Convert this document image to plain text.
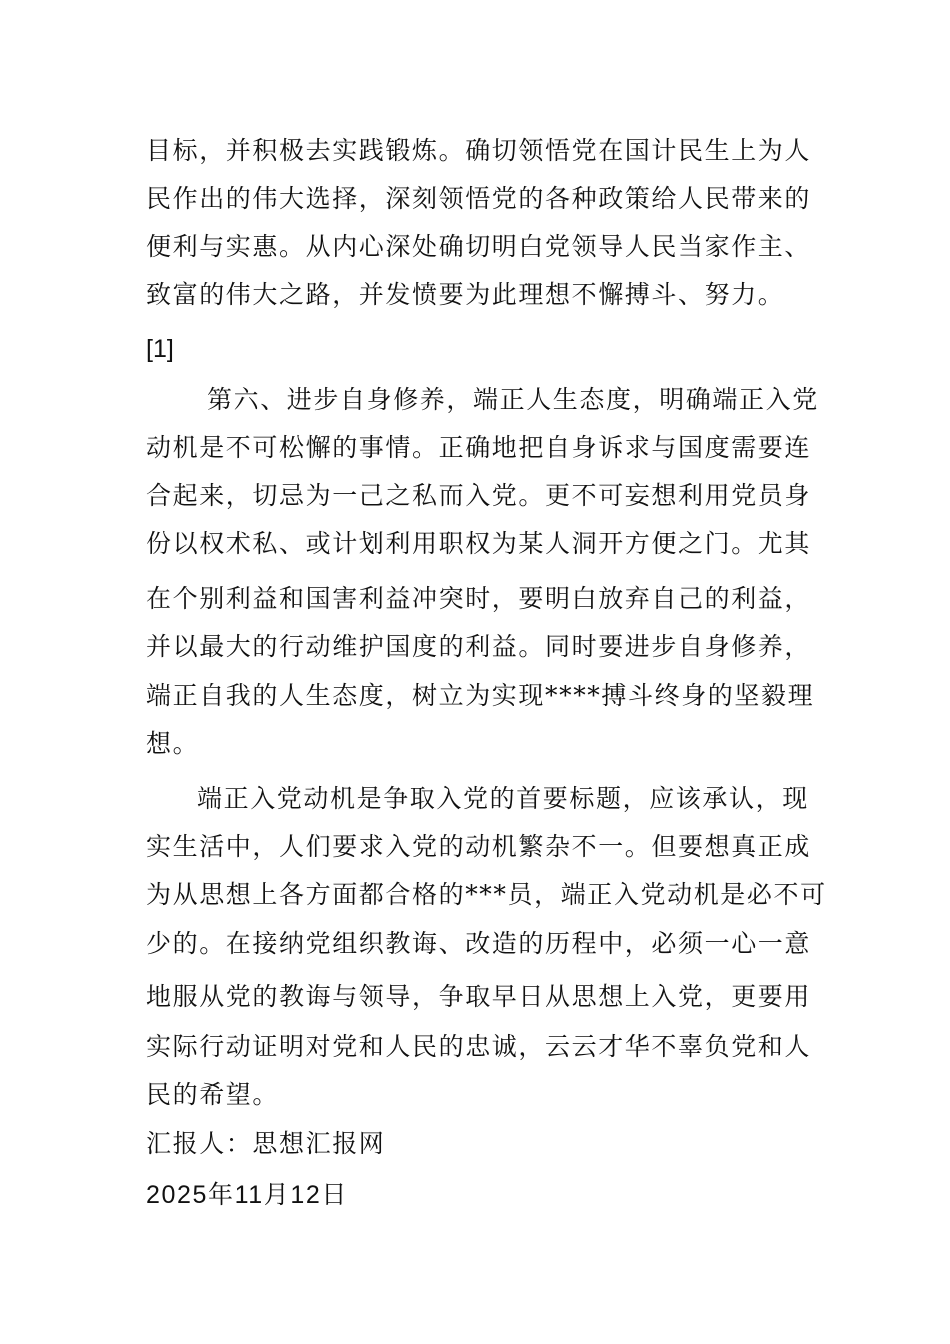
目标，并积极去实践锻炼。确切领悟党在国计民生上为人
民作出的伟大选择，深刻领悟党的各种政策给人民带来的
便利与实惠。从内心深处确切明白党领导人民当家作主、
致富的伟大之路，并发愤要为此理想不懈搏斗、努力。
[1]
第六、进步自身修养，端正人生态度，明确端正入党
动机是不可松懈的事情。正确地把自身诉求与国度需要连
合起来，切忌为一己之私而入党。更不可妄想利用党员身
份以权术私、或计划利用职权为某人洞开方便之门。尤其
在个别利益和国害利益冲突时，要明白放弃自己的利益，
并以最大的行动维护国度的利益。同时要进步自身修养，
端正自我的人生态度，树立为实现****搏斗终身的坚毅理
想。
端正入党动机是争取入党的首要标题，应该承认，现
实生活中，人们要求入党的动机繁杂不一。但要想真正成
为从思想上各方面都合格的***员，端正入党动机是必不可
少的。在接纳党组织教诲、改造的历程中，必须一心一意
地服从党的教诲与领导，争取早日从思想上入党，更要用
实际行动证明对党和人民的忠诚，云云才华不辜负党和人
民的希望。
汇报人：思想汇报网
2025年11月12日
